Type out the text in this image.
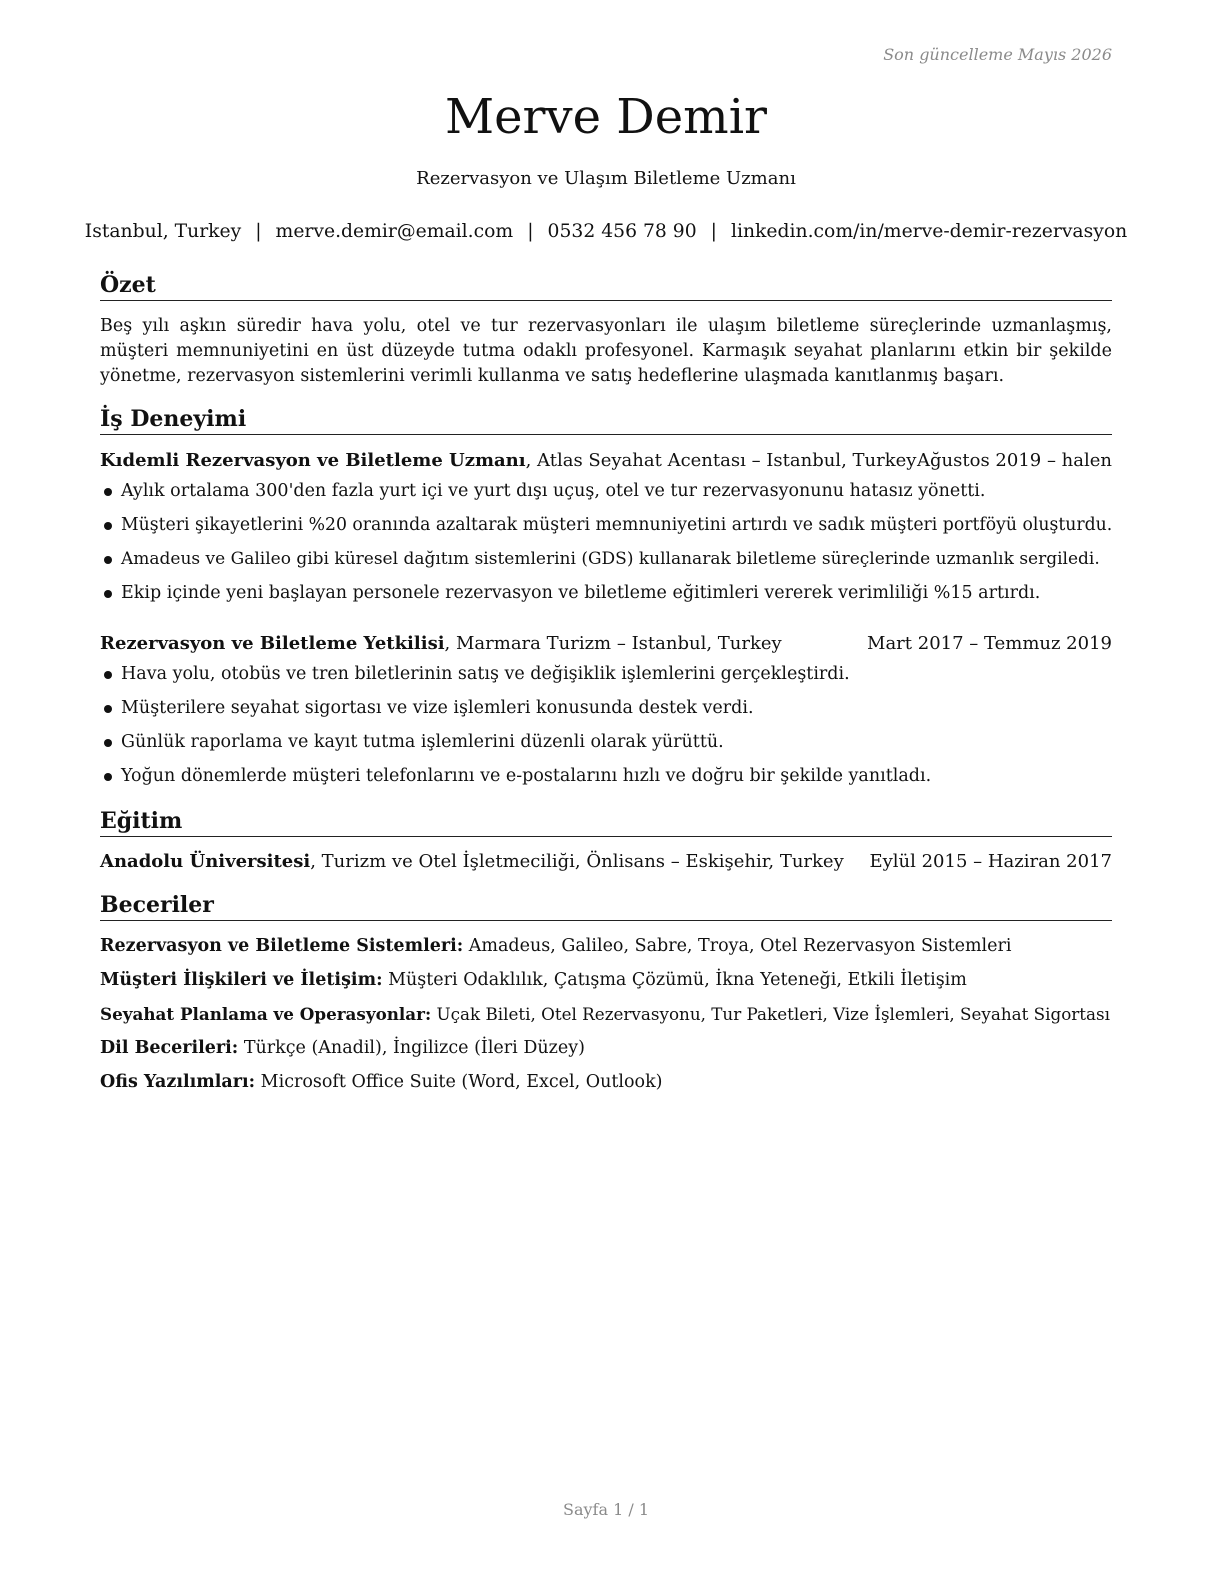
Son güncelleme Mayıs 2026
Merve Demir
Rezervasyon ve Ulaşım Biletleme Uzmanı
Istanbul, Turkey | merve.demir@email.com | 0532 456 78 90 | linkedin.com/in/merve-demir-rezervasyon
Özet
Beş yılı aşkın süredir hava yolu, otel ve tur rezervasyonları ile ulaşım biletleme süreçlerinde uzmanlaşmış, müşteri memnuniyetini en üst düzeyde tutma odaklı profesyonel. Karmaşık seyahat planlarını etkin bir şekilde yönetme, rezervasyon sistemlerini verimli kullanma ve satış hedeflerine ulaşmada kanıtlanmış başarı.
İş Deneyimi
Kıdemli Rezervasyon ve Biletleme Uzmanı, Atlas Seyahat Acentası – Istanbul, Turkey Ağustos 2019 – halen
Aylık ortalama 300'den fazla yurt içi ve yurt dışı uçuş, otel ve tur rezervasyonunu hatasız yönetti.
Müşteri şikayetlerini %20 oranında azaltarak müşteri memnuniyetini artırdı ve sadık müşteri portföyü oluşturdu.
Amadeus ve Galileo gibi küresel dağıtım sistemlerini (GDS) kullanarak biletleme süreçlerinde uzmanlık sergiledi.
Ekip içinde yeni başlayan personele rezervasyon ve biletleme eğitimleri vererek verimliliği %15 artırdı.
Rezervasyon ve Biletleme Yetkilisi, Marmara Turizm – Istanbul, Turkey	Mart 2017 – Temmuz 2019
Hava yolu, otobüs ve tren biletlerinin satış ve değişiklik işlemlerini gerçekleştirdi.
Müşterilere seyahat sigortası ve vize işlemleri konusunda destek verdi.
Günlük raporlama ve kayıt tutma işlemlerini düzenli olarak yürüttü.
Yoğun dönemlerde müşteri telefonlarını ve e-postalarını hızlı ve doğru bir şekilde yanıtladı.
Eğitim
Anadolu Üniversitesi, Turizm ve Otel İşletmeciliği, Önlisans – Eskişehir, Turkey Eylül 2015 – Haziran 2017
Beceriler
Rezervasyon ve Biletleme Sistemleri: Amadeus, Galileo, Sabre, Troya, Otel Rezervasyon Sistemleri
Müşteri İlişkileri ve İletişim: Müşteri Odaklılık, Çatışma Çözümü, İkna Yeteneği, Etkili İletişim
Seyahat Planlama ve Operasyonlar: Uçak Bileti, Otel Rezervasyonu, Tur Paketleri, Vize İşlemleri, Seyahat Sigortası
Dil Becerileri: Türkçe (Anadil), İngilizce (İleri Düzey)
Ofis Yazılımları: Microsoft Office Suite (Word, Excel, Outlook)
Sayfa 1 / 1
